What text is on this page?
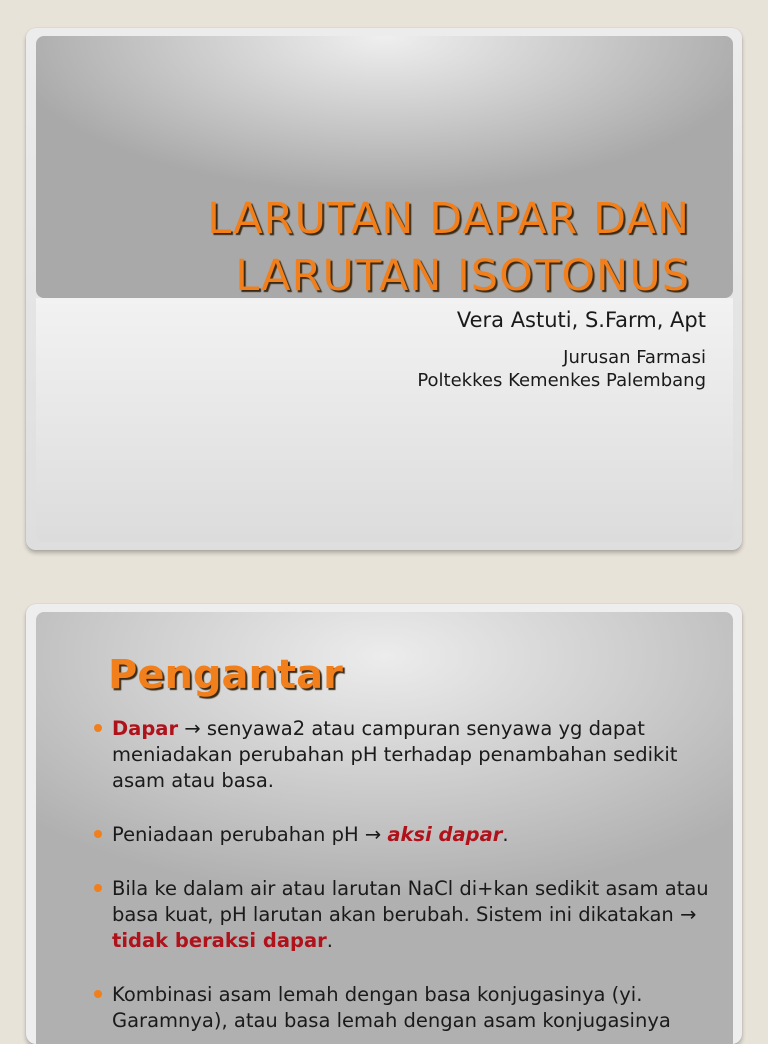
LARUTAN DAPAR DAN
LARUTAN ISOTONUS
Vera Astuti, S.Farm, Apt
Jurusan Farmasi
Poltekkes Kemenkes Palembang
Pengantar
Dapar → senyawa2 atau campuran senyawa yg dapat meniadakan perubahan pH terhadap penambahan sedikit asam atau basa.
Peniadaan perubahan pH → aksi dapar.
Bila ke dalam air atau larutan NaCl di+kan sedikit asam atau basa kuat, pH larutan akan berubah. Sistem ini dikatakan → tidak beraksi dapar.
Kombinasi asam lemah dengan basa konjugasinya (yi. Garamnya), atau basa lemah dengan asam konjugasinya
